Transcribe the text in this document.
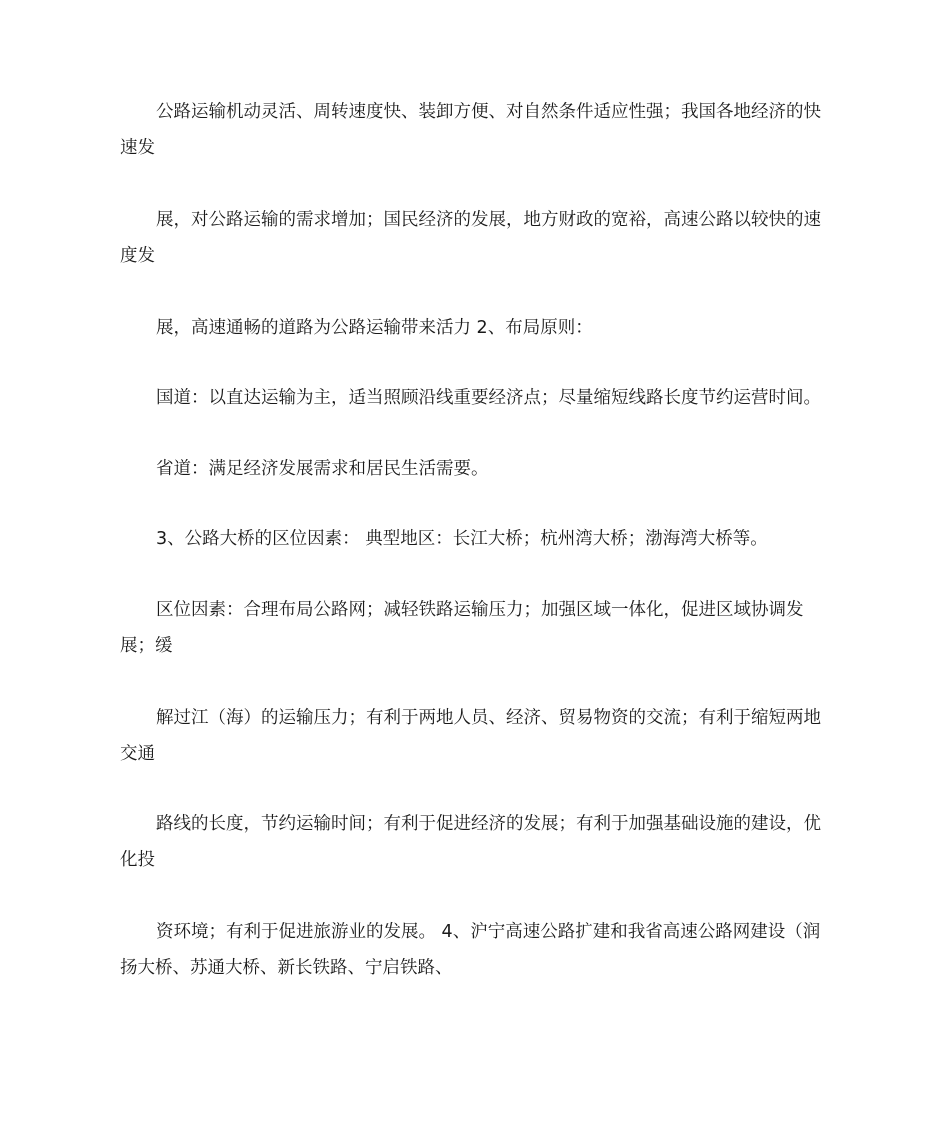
公路运输机动灵活、周转速度快、装卸方便、对自然条件适应性强；我国各地经济的快速发

展，对公路运输的需求增加；国民经济的发展，地方财政的宽裕，高速公路以较快的速度发

展，高速通畅的道路为公路运输带来活力 2、布局原则：

国道：以直达运输为主，适当照顾沿线重要经济点；尽量缩短线路长度节约运营时间。

省道：满足经济发展需求和居民生活需要。

3、公路大桥的区位因素： 典型地区：长江大桥；杭州湾大桥；渤海湾大桥等。

区位因素：合理布局公路网；减轻铁路运输压力；加强区域一体化，促进区域协调发展；缓

解过江（海）的运输压力；有利于两地人员、经济、贸易物资的交流；有利于缩短两地交通

路线的长度，节约运输时间；有利于促进经济的发展；有利于加强基础设施的建设，优化投

资环境；有利于促进旅游业的发展。 4、沪宁高速公路扩建和我省高速公路网建设（润扬大桥、苏通大桥、新长铁路、宁启铁路、
